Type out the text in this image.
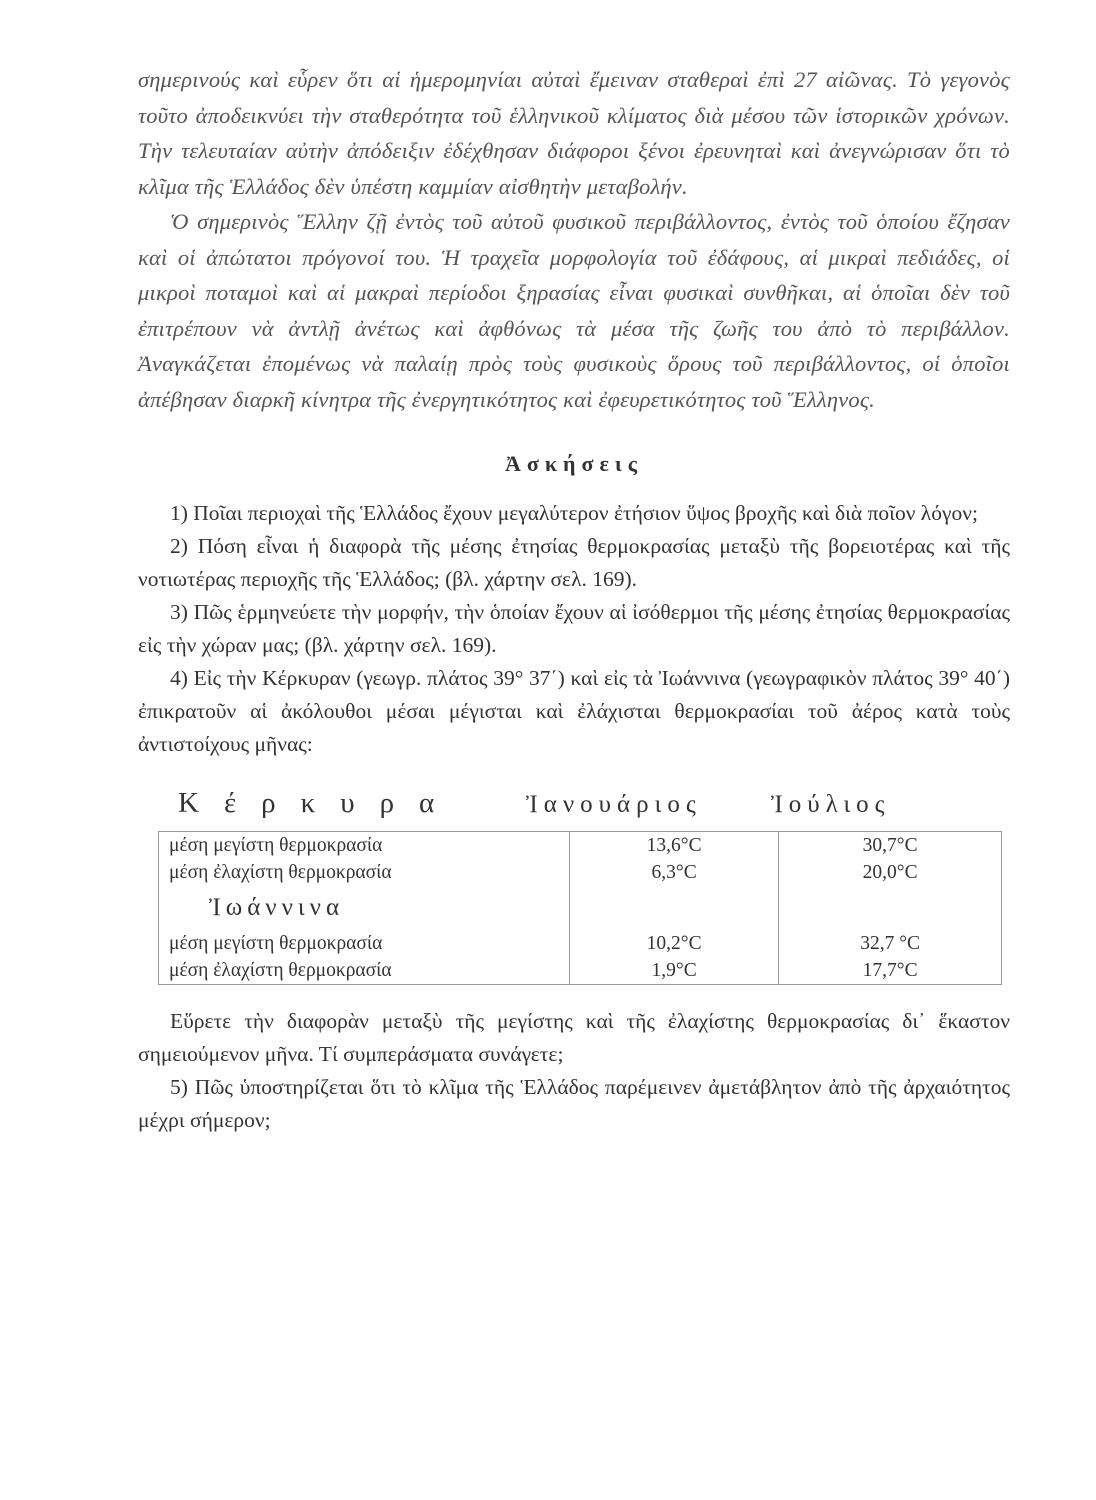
σημερινούς καὶ εὗρεν ὅτι αἱ ἡμερομηνίαι αὐταὶ ἔμειναν σταθεραὶ ἐπὶ 27 αἰῶνας. Τὸ γεγονὸς τοῦτο ἀποδεικνύει τὴν σταθερότητα τοῦ ἑλληνικοῦ κλίματος διὰ μέσου τῶν ἱστορικῶν χρόνων. Τὴν τελευταίαν αὐτὴν ἀπόδειξιν ἐδέχθησαν διάφοροι ξένοι ἐρευνηταὶ καὶ ἀνεγνώρισαν ὅτι τὸ κλῖμα τῆς Ἑλλάδος δὲν ὑπέστη καμμίαν αἰσθητὴν μεταβολήν.

Ὁ σημερινὸς Ἕλλην ζῇ ἐντὸς τοῦ αὐτοῦ φυσικοῦ περιβάλλοντος, ἐντὸς τοῦ ὁποίου ἔζησαν καὶ οἱ ἀπώτατοι πρόγονοί του. Ἡ τραχεῖα μορφολογία τοῦ ἐδάφους, αἱ μικραὶ πεδιάδες, οἱ μικροὶ ποταμοὶ καὶ αἱ μακραὶ περίοδοι ξηρασίας εἶναι φυσικαὶ συνθῆκαι, αἱ ὁποῖαι δὲν τοῦ ἐπιτρέπουν νὰ ἀντλῇ ἀνέτως καὶ ἀφθόνως τὰ μέσα τῆς ζωῆς του ἀπὸ τὸ περιβάλλον. Ἀναγκάζεται ἐπομένως νὰ παλαίῃ πρὸς τοὺς φυσικοὺς ὅρους τοῦ περιβάλλοντος, οἱ ὁποῖοι ἀπέβησαν διαρκῆ κίνητρα τῆς ἐνεργητικότητος καὶ ἐφευρετικότητος τοῦ Ἕλληνος.

Ἀσκήσεις

1) Ποῖαι περιοχαὶ τῆς Ἑλλάδος ἔχουν μεγαλύτερον ἐτήσιον ὕψος βροχῆς καὶ διὰ ποῖον λόγον;

2) Πόση εἶναι ἡ διαφορὰ τῆς μέσης ἐτησίας θερμοκρασίας μεταξὺ τῆς βορειοτέρας καὶ τῆς νοτιωτέρας περιοχῆς τῆς Ἑλλάδος; (βλ. χάρτην σελ. 169).

3) Πῶς ἑρμηνεύετε τὴν μορφήν, τὴν ὁποίαν ἔχουν αἱ ἰσόθερμοι τῆς μέσης ἐτησίας θερμοκρασίας εἰς τὴν χώραν μας; (βλ. χάρτην σελ. 169).

4) Εἰς τὴν Κέρκυραν (γεωγρ. πλάτος 39° 37΄) καὶ εἰς τὰ Ἰωάννινα (γεωγραφικὸν πλάτος 39° 40΄) ἐπικρατοῦν αἱ ἀκόλουθοι μέσαι μέγισται καὶ ἐλάχισται θερμοκρασίαι τοῦ ἀέρος κατὰ τοὺς ἀντιστοίχους μῆνας:

Κέρκυρα	Ἰανουάριος	Ἰούλιος
μέση μεγίστη θερμοκρασία	13,6°C	30,7°C
μέση ἐλαχίστη θερμοκρασία	6,3°C	20,0°C
Ἰωάννινα		
μέση μεγίστη θερμοκρασία	10,2°C	32,7 °C
μέση ἐλαχίστη θερμοκρασία	1,9°C	17,7°C

Εὕρετε τὴν διαφορὰν μεταξὺ τῆς μεγίστης καὶ τῆς ἐλαχίστης θερμοκρασίας δι᾽ ἕκαστον σημειούμενον μῆνα. Τί συμπεράσματα συνάγετε;

5) Πῶς ὑποστηρίζεται ὅτι τὸ κλῖμα τῆς Ἑλλάδος παρέμεινεν ἀμετάβλητον ἀπὸ τῆς ἀρχαιότητος μέχρι σήμερον;
